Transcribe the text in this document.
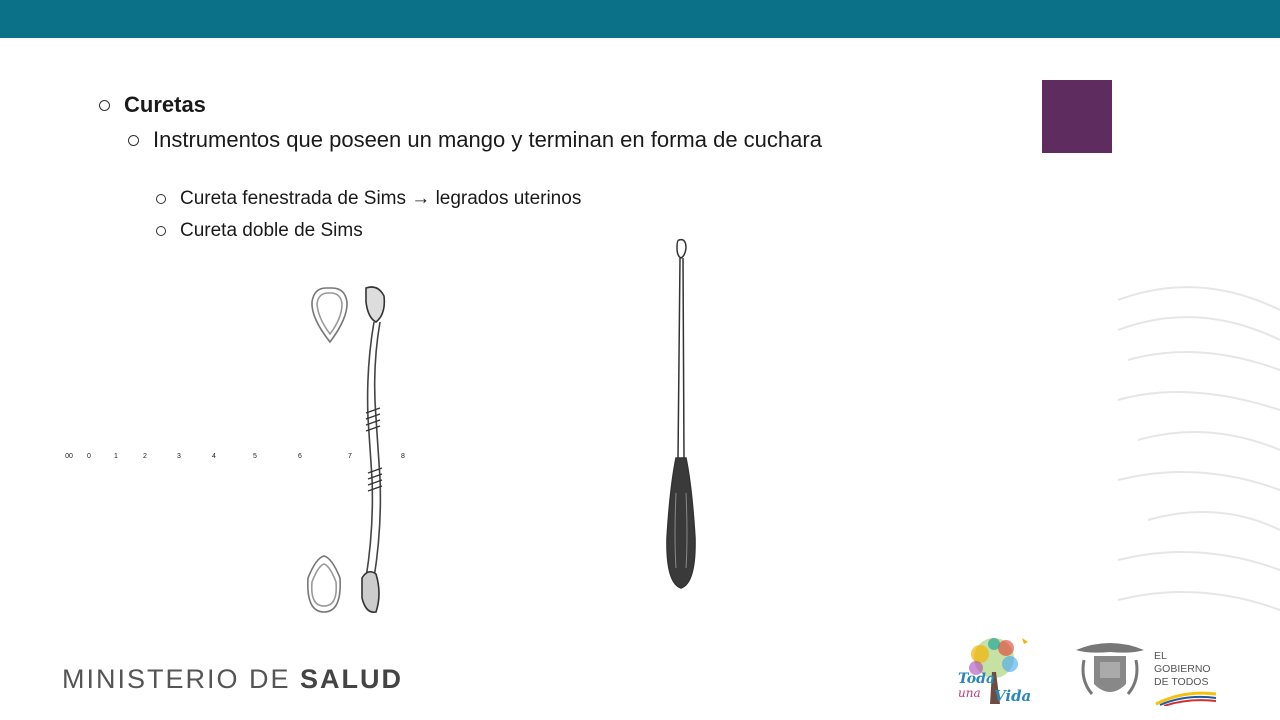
Curetas
Instrumentos que poseen un mango y terminan en forma de cuchara
Cureta fenestrada de Sims → legrados uterinos
Cureta doble de Sims
00 0	1	2	3	4	5	6	7	8
MINISTERIO DE SALUD	Toda
una Vida
EL
GOBIERNO
DE TODOS
